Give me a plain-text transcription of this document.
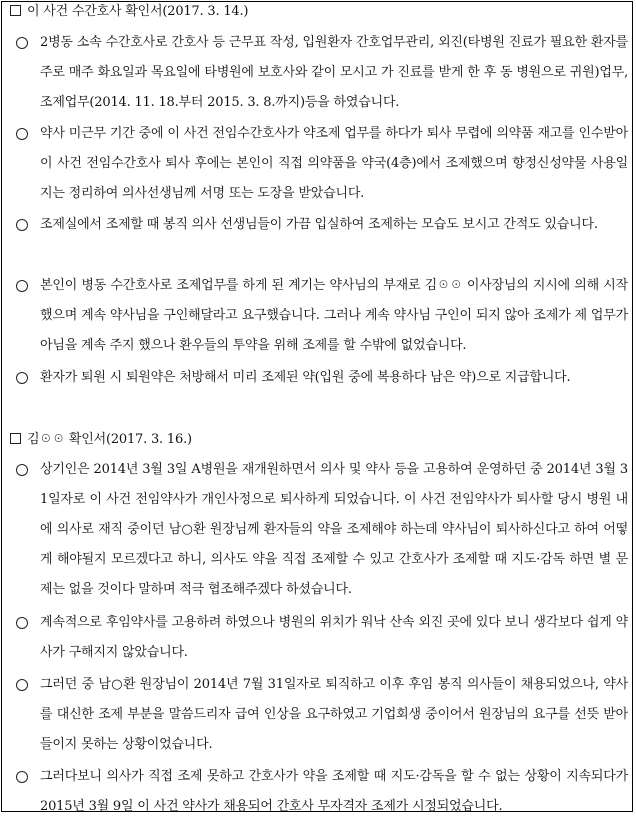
이 사건 수간호사 확인서(2017. 3. 14.)
2병동 소속 수간호사로 간호사 등 근무표 작성, 입원환자 간호업무관리, 외진(타병원 진료가 필요한 환자를 주로 매주 화요일과 목요일에 타병원에 보호사와 같이 모시고 가 진료를 받게 한 후 동 병원으로 귀원)업무, 조제업무(2014. 11. 18.부터 2015. 3. 8.까지)등을 하였습니다.
약사 미근무 기간 중에 이 사건 전임수간호사가 약조제 업무를 하다가 퇴사 무렵에 의약품 재고를 인수받아 이 사건 전임수간호사 퇴사 후에는 본인이 직접 의약품을 약국(4층)에서 조제했으며 향정신성약물 사용일지는 정리하여 의사선생님께 서명 또는 도장을 받았습니다.
조제실에서 조제할 때 봉직 의사 선생님들이 가끔 입실하여 조제하는 모습도 보시고 간적도 있습니다.
본인이 병동 수간호사로 조제업무를 하게 된 계기는 약사님의 부재로 김☉☉ 이사장님의 지시에 의해 시작했으며 계속 약사님을 구인해달라고 요구했습니다. 그러나 계속 약사님 구인이 되지 않아 조제가 제 업무가 아님을 계속 주지 했으나 환우들의 투약을 위해 조제를 할 수밖에 없었습니다.
환자가 퇴원 시 퇴원약은 처방해서 미리 조제된 약(입원 중에 복용하다 남은 약)으로 지급합니다.
김☉☉ 확인서(2017. 3. 16.)
상기인은 2014년 3월 3일 A병원을 재개원하면서 의사 및 약사 등을 고용하여 운영하던 중 2014년 3월 31일자로 이 사건 전임약사가 개인사정으로 퇴사하게 되었습니다. 이 사건 전임약사가 퇴사할 당시 병원 내에 의사로 재직 중이던 남○환 원장님께 환자들의 약을 조제해야 하는데 약사님이 퇴사하신다고 하여 어떻게 해야될지 모르겠다고 하니, 의사도 약을 직접 조제할 수 있고 간호사가 조제할 때 지도·감독 하면 별 문제는 없을 것이다 말하며 적극 협조해주겠다 하셨습니다.
계속적으로 후임약사를 고용하려 하였으나 병원의 위치가 워낙 산속 외진 곳에 있다 보니 생각보다 쉽게 약사가 구해지지 않았습니다.
그러던 중 남○환 원장님이 2014년 7월 31일자로 퇴직하고 이후 후임 봉직 의사들이 채용되었으나, 약사를 대신한 조제 부분을 말씀드리자 급여 인상을 요구하였고 기업회생 중이어서 원장님의 요구를 선뜻 받아들이지 못하는 상황이었습니다.
그러다보니 의사가 직접 조제 못하고 간호사가 약을 조제할 때 지도·감독을 할 수 없는 상황이 지속되다가 2015년 3월 9일 이 사건 약사가 채용되어 간호사 무자격자 조제가 시정되었습니다.
